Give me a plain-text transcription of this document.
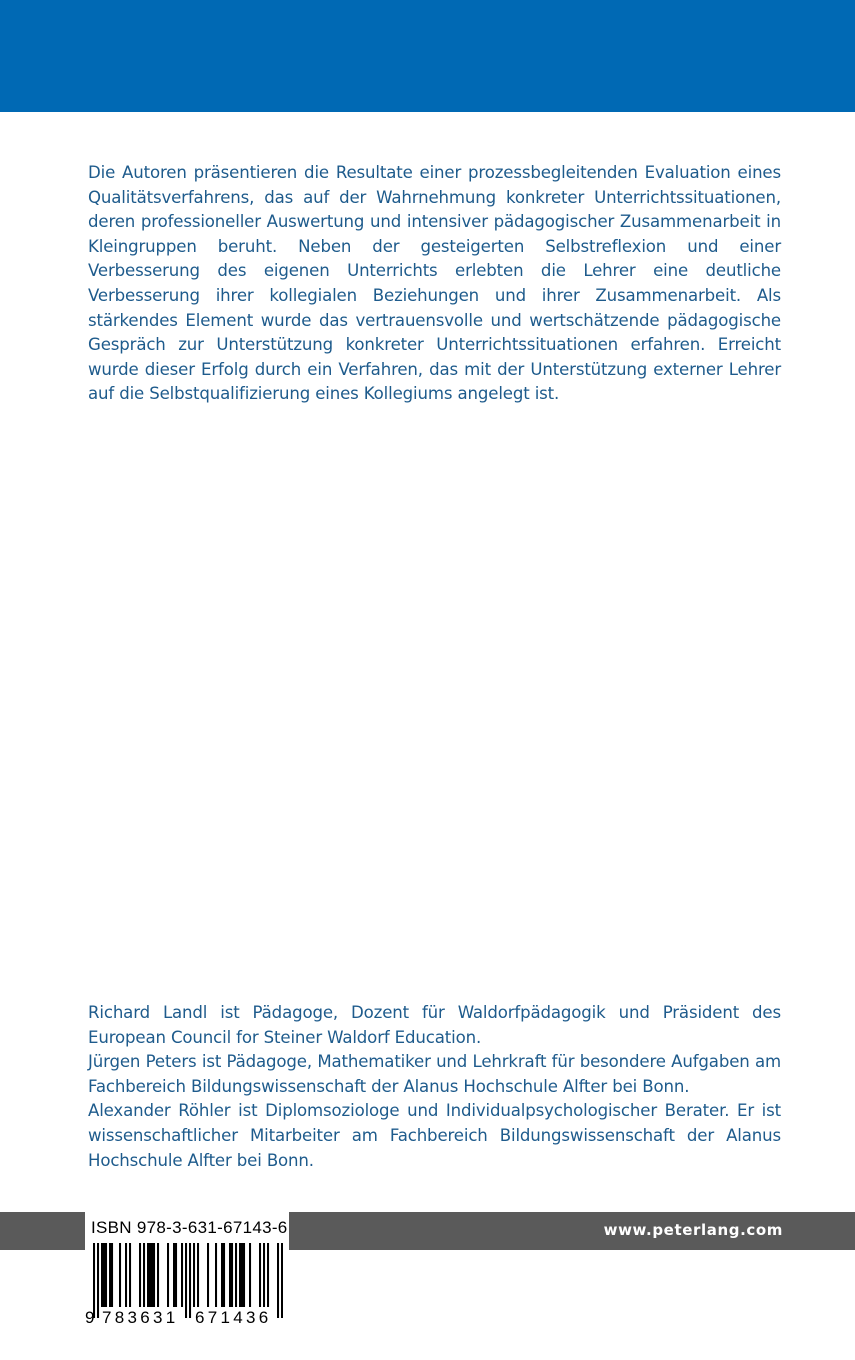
Die Autoren präsentieren die Resultate einer prozessbegleitenden Evaluation eines Qualitätsverfahrens, das auf der Wahrnehmung konkreter Unterrichtssituationen, deren professioneller Auswertung und intensiver pädagogischer Zusammenarbeit in Kleingruppen beruht. Neben der gesteigerten Selbstreflexion und einer Verbesserung des eigenen Unterrichts erlebten die Lehrer eine deutliche Verbesserung ihrer kollegialen Beziehungen und ihrer Zusammenarbeit. Als stärkendes Element wurde das vertrauensvolle und wertschätzende pädagogische Gespräch zur Unterstützung konkreter Unterrichtssituationen erfahren. Erreicht wurde dieser Erfolg durch ein Verfahren, das mit der Unterstützung externer Lehrer auf die Selbstqualifizierung eines Kollegiums angelegt ist.

Richard Landl ist Pädagoge, Dozent für Waldorfpädagogik und Präsident des European Council for Steiner Waldorf Education.

Jürgen Peters ist Pädagoge, Mathematiker und Lehrkraft für besondere Aufgaben am Fachbereich Bildungswissenschaft der Alanus Hochschule Alfter bei Bonn.

Alexander Röhler ist Diplomsoziologe und Individualpsychologischer Berater. Er ist wissenschaftlicher Mitarbeiter am Fachbereich Bildungswissenschaft der Alanus Hochschule Alfter bei Bonn.

www.peterlang.com

ISBN 978-3-631-67143-6

9 783631 671436
